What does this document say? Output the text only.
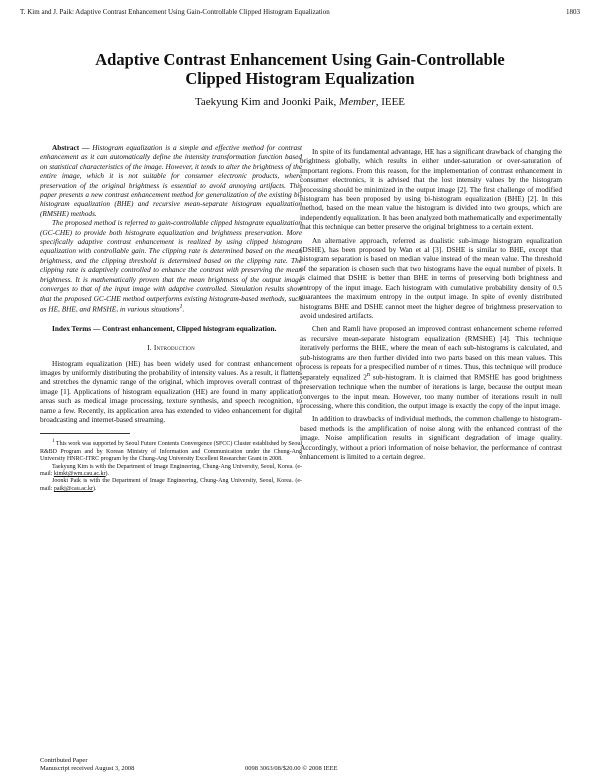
T. Kim and J. Paik: Adaptive Contrast Enhancement Using Gain-Controllable Clipped Histogram Equalization	1803
Adaptive Contrast Enhancement Using Gain-Controllable
Clipped Histogram Equalization
Taekyung Kim and Joonki Paik, Member, IEEE

Abstract — Histogram equalization is a simple and effective method for contrast enhancement as it can automatically define the intensity transformation function based on statistical characteristics of the image. However, it tends to alter the brightness of the entire image, which it is not suitable for consumer electronic products, where preservation of the original brightness is essential to avoid annoying artifacts. This paper presents a new contrast enhancement method for generalization of the existing bi-histogram equalization (BHE) and recursive mean-separate histogram equalization (RMSHE) methods.

The proposed method is referred to gain-controllable clipped histogram equalization (GC-CHE) to provide both histogram equalization and brightness preservation. More specifically adaptive contrast enhancement is realized by using clipped histogram equalization with controllable gain. The clipping rate is determined based on the mean brightness, and the clipping threshold is determined based on the clipping rate. The clipping rate is adaptively controlled to enhance the contrast with preserving the mean brightness. It is mathematically proven that the mean brightness of the output image converges to that of the input image with adaptive controlled. Simulation results show that the proposed GC-CHE method outperforms existing histogram-based methods, such as HE, BHE, and RMSHE, in various situations$^1$.

Index Terms — Contrast enhancement, Clipped histogram equalization.

I. Introduction

Histogram equalization (HE) has been widely used for contrast enhancement of images by uniformly distributing the probability of intensity values. As a result, it flattens and stretches the dynamic range of the original, which improves overall contrast of the image [1]. Applications of histogram equalization (HE) are found in many application areas such as medical image processing, texture synthesis, and speech recognition, to name a few. Recently, its application area has extended to video enhancement for digital broadcasting and internet-based streaming.

$^1$ This work was supported by Seoul Future Contents Convergence (SFCC) Cluster established by Seoul R&BD Program and by Korean Ministry of Information and Communication under the Chung-Ang University HNRC-ITRC program by the Chung-Ang University Excellent Researcher Grant in 2008.

Taekyung Kim is with the Department of Image Engineering, Chung-Ang University, Seoul, Korea. (e-mail: kimkt@wm.cau.ac.kr).

Joonki Paik is with the Department of Image Engineering, Chung-Ang University, Seoul, Korea. (e-mail: paikj@cau.ac.kr).

In spite of its fundamental advantage, HE has a significant drawback of changing the brightness globally, which results in either under-saturation or over-saturation of important regions. From this reason, for the implementation of contrast enhancement in consumer electronics, it is advised that the lost intensity values by the histogram processing should be minimized in the output image [2]. The first challenge of modified histogram has been proposed by using bi-histogram equalization (BHE) [2]. In this method, based on the mean value the histogram is divided into two groups, which are independently equalization. It has been analyzed both mathematically and experimentally that this technique can better preserve the original brightness to a certain extent.

An alternative approach, referred as dualistic sub-image histogram equalization (DSHE), has been proposed by Wan et al [3]. DSHE is similar to BHE, except that histogram separation is based on median value instead of the mean value. The threshold of the separation is chosen such that two histograms have the equal number of pixels. It is claimed that DSHE is better than BHE in terms of preserving both brightness and entropy of the input image. Each histogram with cumulative probability density of 0.5 guarantees the maximum entropy in the output image. In spite of evenly distributed histograms BHE and DSHE cannot meet the higher degree of brightness preservation to avoid undesired artifacts.

Chen and Ramli have proposed an improved contrast enhancement scheme referred as recursive mean-separate histogram equalization (RMSHE) [4]. This technique iteratively performs the BHE, where the mean of each sub-histograms is calculated, and sub-histograms are then further divided into two parts based on this mean values. This process is repeats for a prespecified number of n times. Thus, this technique will produce separately equalized 2$^n$ sub-histogram. It is claimed that RMSHE has good brightness preservation technique when the number of iterations is large, because the output mean converges to the input mean. However, too many number of iterations result in null processing, where this condition, the output image is exactly the copy of the input image.

In addition to drawbacks of individual methods, the common challenge to histogram-based methods is the amplification of noise along with the enhanced contrast of the image. Noise amplification results in significant degradation of image quality. Accordingly, without a priori information of noise behavior, the performance of contrast enhancement is limited to a certain degree.

Contributed Paper
Manuscript received August 3, 2008	0098 3063/08/$20.00 © 2008 IEEE
